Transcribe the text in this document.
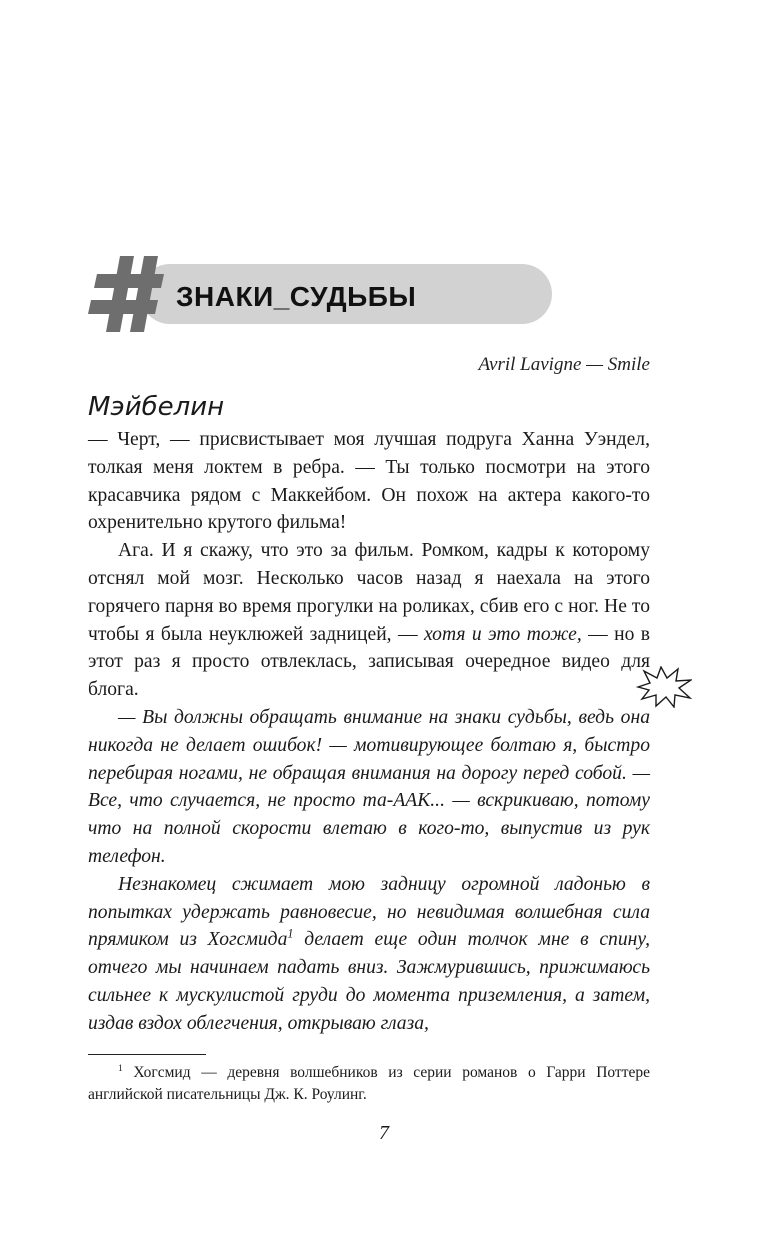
ЗНАКИ_СУДЬБЫ
Avril Lavigne — Smile
Мэйбелин

— Черт, — присвистывает моя лучшая подруга Ханна Уэндел, толкая меня локтем в ребра. — Ты только посмотри на этого красавчика рядом с Маккейбом. Он похож на актера какого-то охренительно крутого фильма!

Ага. И я скажу, что это за фильм. Ромком, кадры к которому отснял мой мозг. Несколько часов назад я наехала на этого горячего парня во время прогулки на роликах, сбив его с ног. Не то чтобы я была неуклюжей задницей, — хотя и это тоже, — но в этот раз я просто отвлеклась, записывая очередное видео для блога.

— Вы должны обращать внимание на знаки судьбы, ведь она никогда не делает ошибок! — мотивирующее болтаю я, быстро перебирая ногами, не обращая внимания на дорогу перед собой. — Все, что случается, не просто та-ААК... — вскрикиваю, потому что на полной скорости влетаю в кого-то, выпустив из рук телефон.

Незнакомец сжимает мою задницу огромной ладонью в попытках удержать равновесие, но невидимая волшебная сила прямиком из Хогсмида$^1$ делает еще один толчок мне в спину, отчего мы начинаем падать вниз. Зажмурившись, прижимаюсь сильнее к мускулистой груди до момента приземления, а затем, издав вздох облегчения, открываю глаза,

$^1$ Хогсмид — деревня волшебников из серии романов о Гарри Поттере английской писательницы Дж. К. Роулинг.

7
